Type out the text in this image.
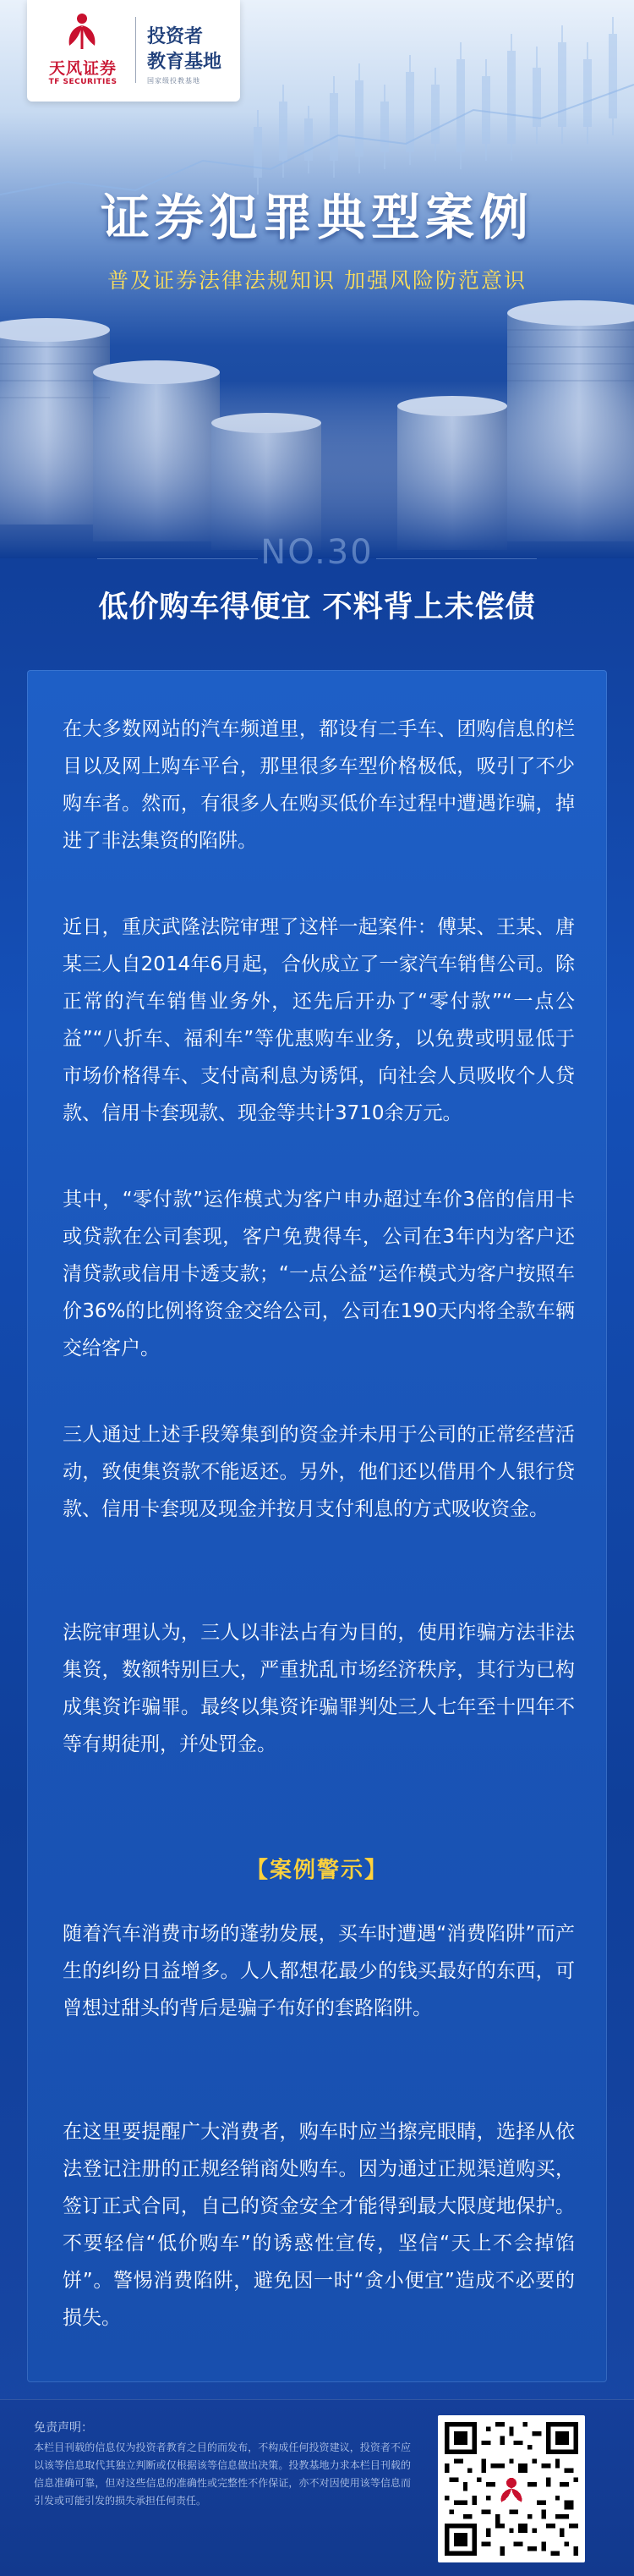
天风证券
TF SECURITIES
投资者
教育基地
国家级投教基地
证券犯罪典型案例
普及证券法律法规知识 加强风险防范意识
NO.30
低价购车得便宜 不料背上未偿债

在大多数网站的汽车频道里，都设有二手车、团购信息的栏目以及网上购车平台，那里很多车型价格极低，吸引了不少购车者。然而，有很多人在购买低价车过程中遭遇诈骗，掉进了非法集资的陷阱。

近日，重庆武隆法院审理了这样一起案件：傅某、王某、唐某三人自2014年6月起，合伙成立了一家汽车销售公司。除正常的汽车销售业务外，还先后开办了“零付款”“一点公益”“八折车、福利车”等优惠购车业务，以免费或明显低于市场价格得车、支付高利息为诱饵，向社会人员吸收个人贷款、信用卡套现款、现金等共计3710余万元。

其中，“零付款”运作模式为客户申办超过车价3倍的信用卡或贷款在公司套现，客户免费得车，公司在3年内为客户还清贷款或信用卡透支款；“一点公益”运作模式为客户按照车价36%的比例将资金交给公司，公司在190天内将全款车辆交给客户。

三人通过上述手段筹集到的资金并未用于公司的正常经营活动，致使集资款不能返还。另外，他们还以借用个人银行贷款、信用卡套现及现金并按月支付利息的方式吸收资金。

法院审理认为，三人以非法占有为目的，使用诈骗方法非法集资，数额特别巨大，严重扰乱市场经济秩序，其行为已构成集资诈骗罪。最终以集资诈骗罪判处三人七年至十四年不等有期徒刑，并处罚金。

【案例警示】

随着汽车消费市场的蓬勃发展，买车时遭遇“消费陷阱”而产生的纠纷日益增多。人人都想花最少的钱买最好的东西，可曾想过甜头的背后是骗子布好的套路陷阱。

在这里要提醒广大消费者，购车时应当擦亮眼睛，选择从依法登记注册的正规经销商处购车。因为通过正规渠道购买，签订正式合同，自己的资金安全才能得到最大限度地保护。不要轻信“低价购车”的诱惑性宣传，坚信“天上不会掉馅饼”。警惕消费陷阱，避免因一时“贪小便宜”造成不必要的损失。

免责声明：
本栏目刊载的信息仅为投资者教育之目的而发布，不构成任何投资建议，投资者不应以该等信息取代其独立判断或仅根据该等信息做出决策。投教基地力求本栏目刊载的信息准确可靠，但对这些信息的准确性或完整性不作保证，亦不对因使用该等信息而引发或可能引发的损失承担任何责任。
